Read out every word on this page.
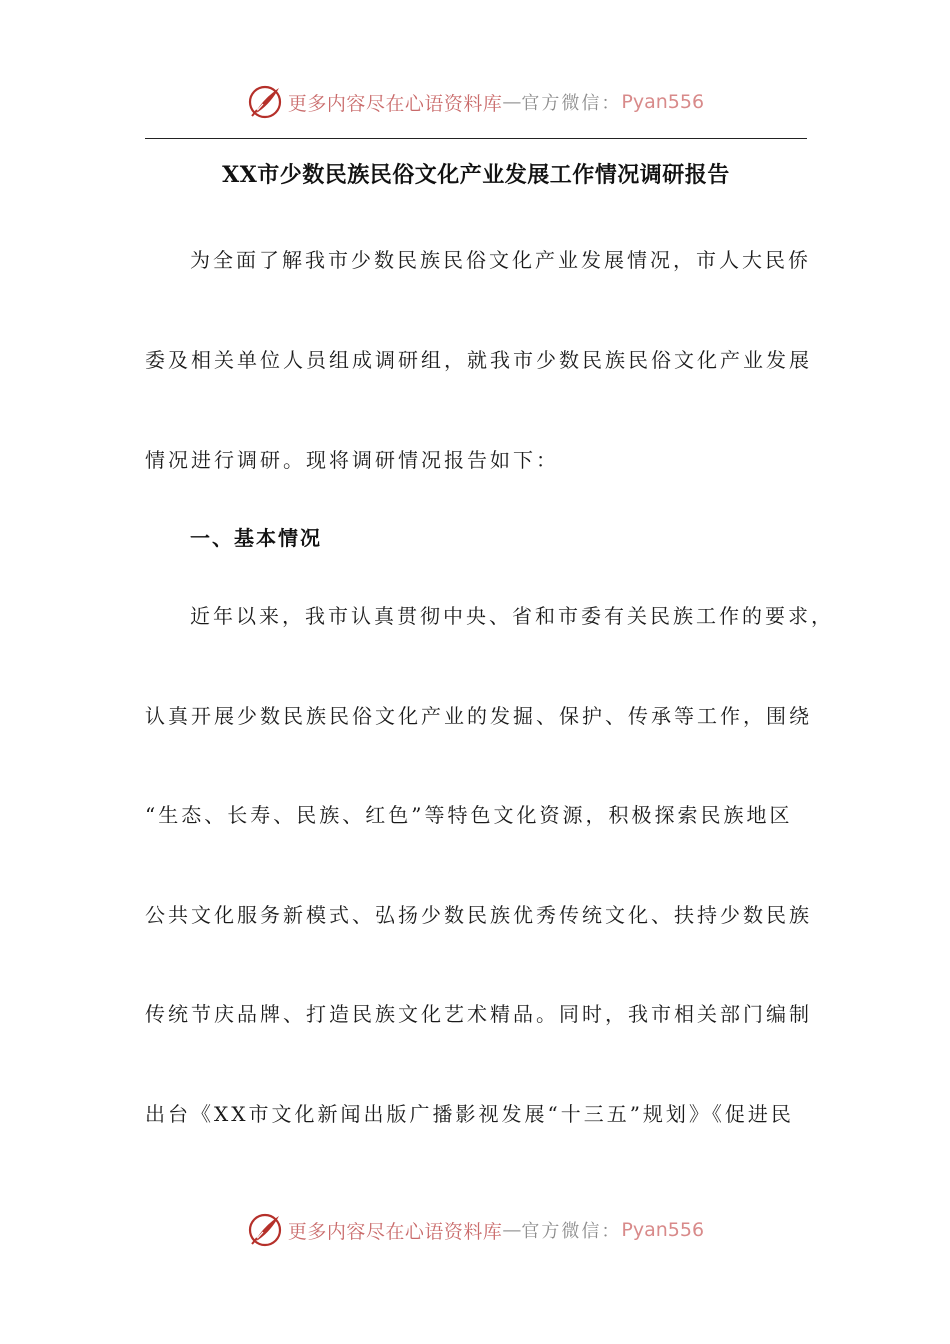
更多内容尽在心语资料库 — 官方微信： Pyan556
XX市少数民族民俗文化产业发展工作情况调研报告
为全面了解我市少数民族民俗文化产业发展情况，市人大民侨
委及相关单位人员组成调研组，就我市少数民族民俗文化产业发展
情况进行调研。现将调研情况报告如下：
一、基本情况
近年以来，我市认真贯彻中央、省和市委有关民族工作的要求，
认真开展少数民族民俗文化产业的发掘、保护、传承等工作，围绕
“生态、长寿、民族、红色”等特色文化资源，积极探索民族地区
公共文化服务新模式、弘扬少数民族优秀传统文化、扶持少数民族
传统节庆品牌、打造民族文化艺术精品。同时，我市相关部门编制
出台《XX市文化新闻出版广播影视发展“十三五”规划》《促进民
更多内容尽在心语资料库 — 官方微信： Pyan556
